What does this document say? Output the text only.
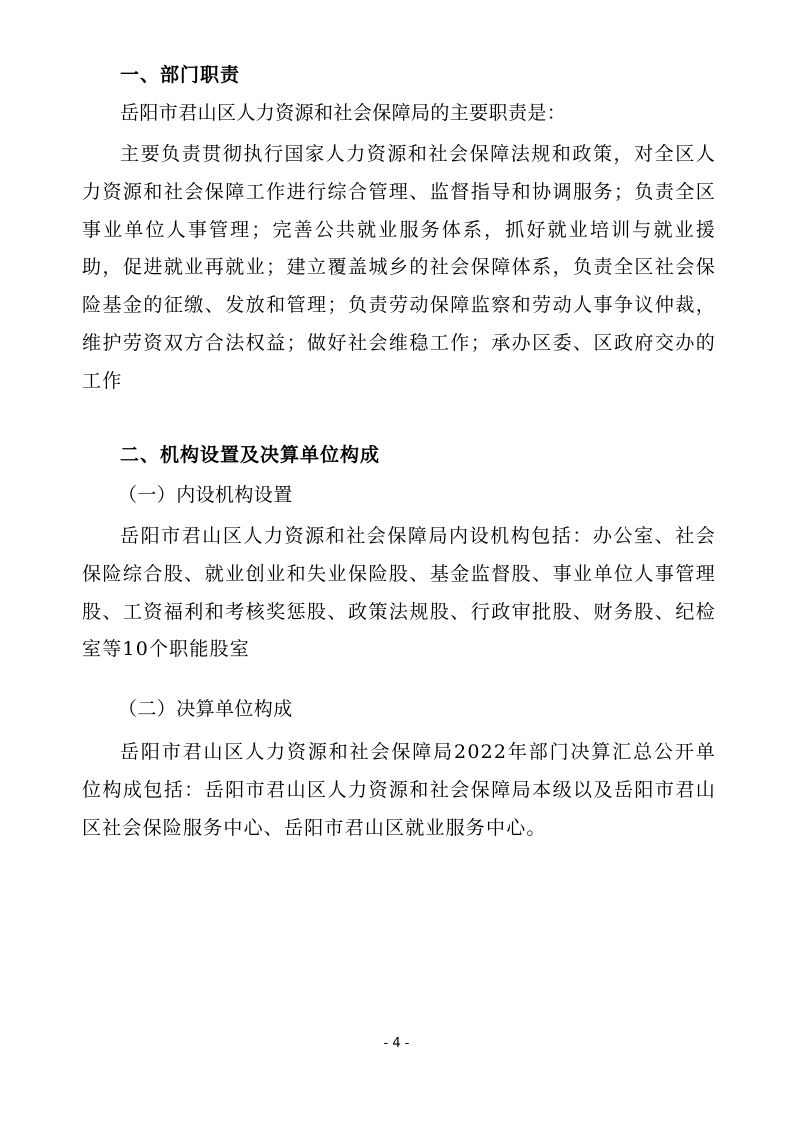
一、部门职责
岳阳市君山区人力资源和社会保障局的主要职责是：
主要负责贯彻执行国家人力资源和社会保障法规和政策，对全区人力资源和社会保障工作进行综合管理、监督指导和协调服务；负责全区事业单位人事管理；完善公共就业服务体系，抓好就业培训与就业援助，促进就业再就业；建立覆盖城乡的社会保障体系，负责全区社会保险基金的征缴、发放和管理；负责劳动保障监察和劳动人事争议仲裁，维护劳资双方合法权益；做好社会维稳工作；承办区委、区政府交办的工作
二、机构设置及决算单位构成
（一）内设机构设置
岳阳市君山区人力资源和社会保障局内设机构包括：办公室、社会保险综合股、就业创业和失业保险股、基金监督股、事业单位人事管理股、工资福利和考核奖惩股、政策法规股、行政审批股、财务股、纪检室等10个职能股室
（二）决算单位构成
岳阳市君山区人力资源和社会保障局2022年部门决算汇总公开单位构成包括：岳阳市君山区人力资源和社会保障局本级以及岳阳市君山区社会保险服务中心、岳阳市君山区就业服务中心。
- 4 -
